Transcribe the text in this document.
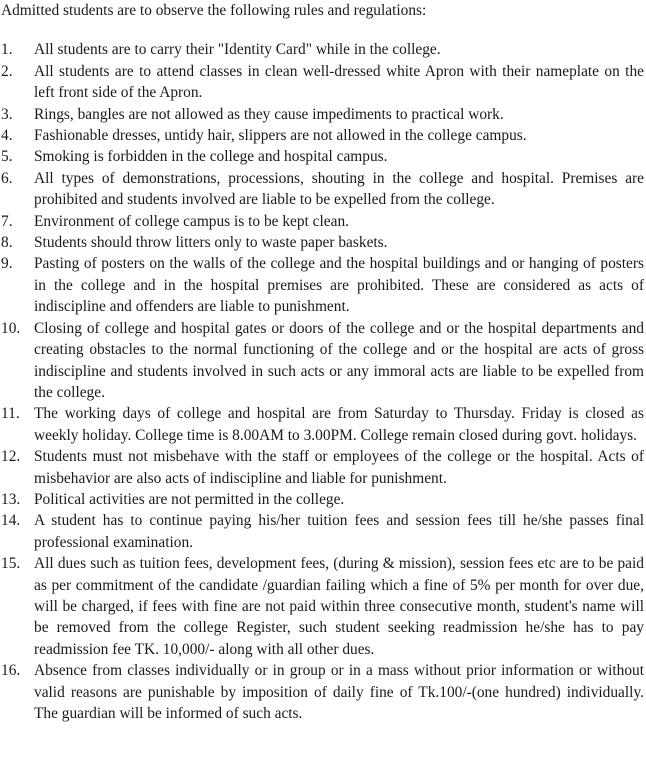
Admitted students are to observe the following rules and regulations:

1.	All students are to carry their "Identity Card" while in the college.
2.	All students are to attend classes in clean well-dressed white Apron with their nameplate on the left front side of the Apron.
3.	Rings, bangles are not allowed as they cause impediments to practical work.
4.	Fashionable dresses, untidy hair, slippers are not allowed in the college campus.
5.	Smoking is forbidden in the college and hospital campus.
6.	All types of demonstrations, processions, shouting in the college and hospital. Premises are prohibited and students involved are liable to be expelled from the college.
7.	Environment of college campus is to be kept clean.
8.	Students should throw litters only to waste paper baskets.
9.	Pasting of posters on the walls of the college and the hospital buildings and or hanging of posters in the college and in the hospital premises are prohibited. These are considered as acts of indiscipline and offenders are liable to punishment.
10. Closing of college and hospital gates or doors of the college and or the hospital departments and creating obstacles to the normal functioning of the college and or the hospital are acts of gross indiscipline and students involved in such acts or any immoral acts are liable to be expelled from the college.
11. The working days of college and hospital are from Saturday to Thursday. Friday is closed as weekly holiday. College time is 8.00AM to 3.00PM. College remain closed during govt. holidays.
12. Students must not misbehave with the staff or employees of the college or the hospital. Acts of misbehavior are also acts of indiscipline and liable for punishment.
13. Political activities are not permitted in the college.
14. A student has to continue paying his/her tuition fees and session fees till he/she passes final professional examination.
15. All dues such as tuition fees, development fees, (during & mission), session fees etc are to be paid as per commitment of the candidate /guardian failing which a fine of 5% per month for over due, will be charged, if fees with fine are not paid within three consecutive month, student's name will be removed from the college Register, such student seeking readmission he/she has to pay readmission fee TK. 10,000/- along with all other dues.
16. Absence from classes individually or in group or in a mass without prior information or without valid reasons are punishable by imposition of daily fine of Tk.100/-(one hundred) individually. The guardian will be informed of such acts.
